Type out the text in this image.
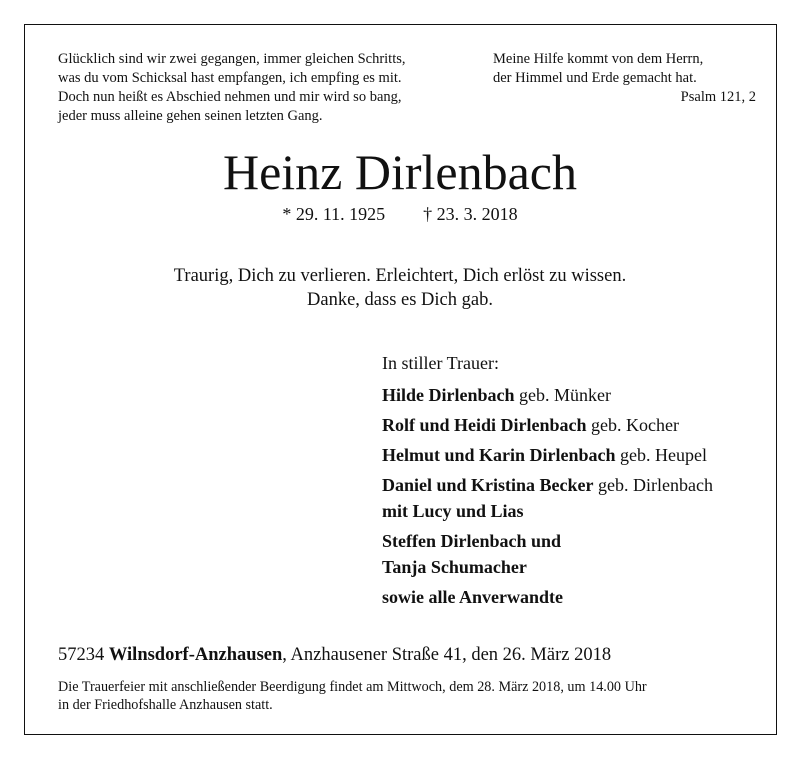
Glücklich sind wir zwei gegangen, immer gleichen Schritts,
was du vom Schicksal hast empfangen, ich empfing es mit.
Doch nun heißt es Abschied nehmen und mir wird so bang,
jeder muss alleine gehen seinen letzten Gang.
Meine Hilfe kommt von dem Herrn,
der Himmel und Erde gemacht hat.
Psalm 121, 2
Heinz Dirlenbach
* 29. 11. 1925 † 23. 3. 2018
Traurig, Dich zu verlieren. Erleichtert, Dich erlöst zu wissen.
Danke, dass es Dich gab.
In stiller Trauer:
Hilde Dirlenbach geb. Münker
Rolf und Heidi Dirlenbach geb. Kocher
Helmut und Karin Dirlenbach geb. Heupel
Daniel und Kristina Becker geb. Dirlenbach
mit Lucy und Lias
Steffen Dirlenbach und
Tanja Schumacher
sowie alle Anverwandte
57234 Wilnsdorf-Anzhausen, Anzhausener Straße 41, den 26. März 2018
Die Trauerfeier mit anschließender Beerdigung findet am Mittwoch, dem 28. März 2018, um 14.00 Uhr
in der Friedhofshalle Anzhausen statt.
